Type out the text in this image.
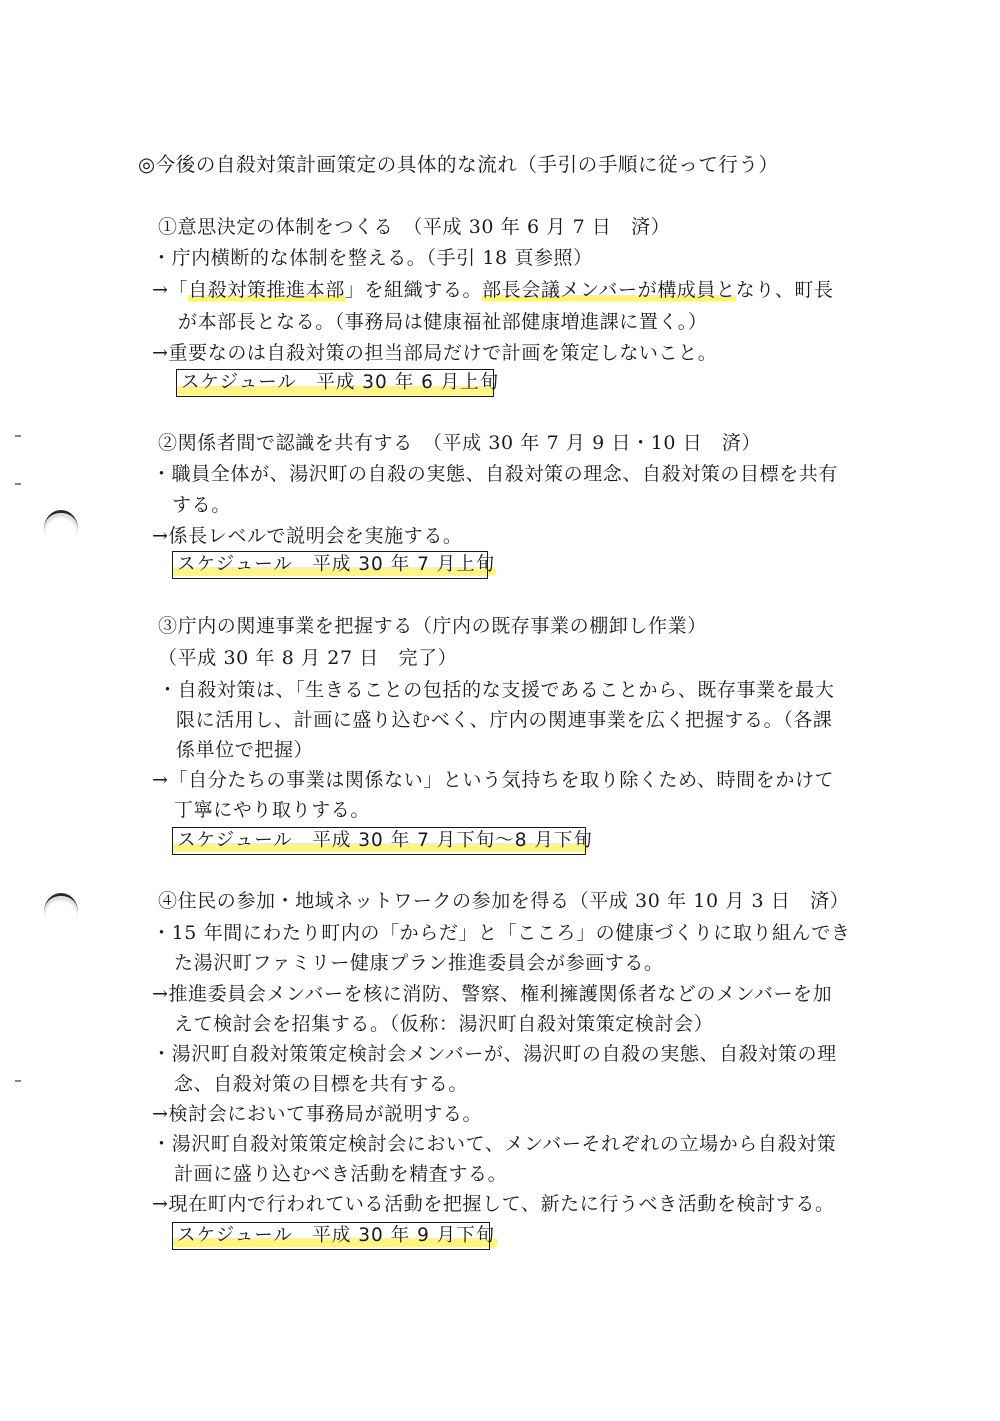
◎今後の自殺対策計画策定の具体的な流れ（手引の手順に従って行う）
①意思決定の体制をつくる　（平成 30 年 6 月 7 日　済）
・庁内横断的な体制を整える。（手引 18 頁参照）
→「自殺対策推進本部」を組織する。部長会議メンバーが構成員となり、町長
が本部長となる。（事務局は健康福祉部健康増進課に置く。）
→重要なのは自殺対策の担当部局だけで計画を策定しないこと。
スケジュール　平成 30 年 6 月上旬
②関係者間で認識を共有する　（平成 30 年 7 月 9 日・10 日　済）
・職員全体が、湯沢町の自殺の実態、自殺対策の理念、自殺対策の目標を共有
する。
→係長レベルで説明会を実施する。
スケジュール　平成 30 年 7 月上旬
③庁内の関連事業を把握する（庁内の既存事業の棚卸し作業）
（平成 30 年 8 月 27 日　完了）
・自殺対策は、「生きることの包括的な支援であることから、既存事業を最大
限に活用し、計画に盛り込むべく、庁内の関連事業を広く把握する。（各課
係単位で把握）
→「自分たちの事業は関係ない」という気持ちを取り除くため、時間をかけて
丁寧にやり取りする。
スケジュール　平成 30 年 7 月下旬～8 月下旬
④住民の参加・地域ネットワークの参加を得る（平成 30 年 10 月 3 日　済）
・15 年間にわたり町内の「からだ」と「こころ」の健康づくりに取り組んでき
た湯沢町ファミリー健康プラン推進委員会が参画する。
→推進委員会メンバーを核に消防、警察、権利擁護関係者などのメンバーを加
えて検討会を招集する。（仮称：湯沢町自殺対策策定検討会）
・湯沢町自殺対策策定検討会メンバーが、湯沢町の自殺の実態、自殺対策の理
念、自殺対策の目標を共有する。
→検討会において事務局が説明する。
・湯沢町自殺対策策定検討会において、メンバーそれぞれの立場から自殺対策
計画に盛り込むべき活動を精査する。
→現在町内で行われている活動を把握して、新たに行うべき活動を検討する。
スケジュール　平成 30 年 9 月下旬
